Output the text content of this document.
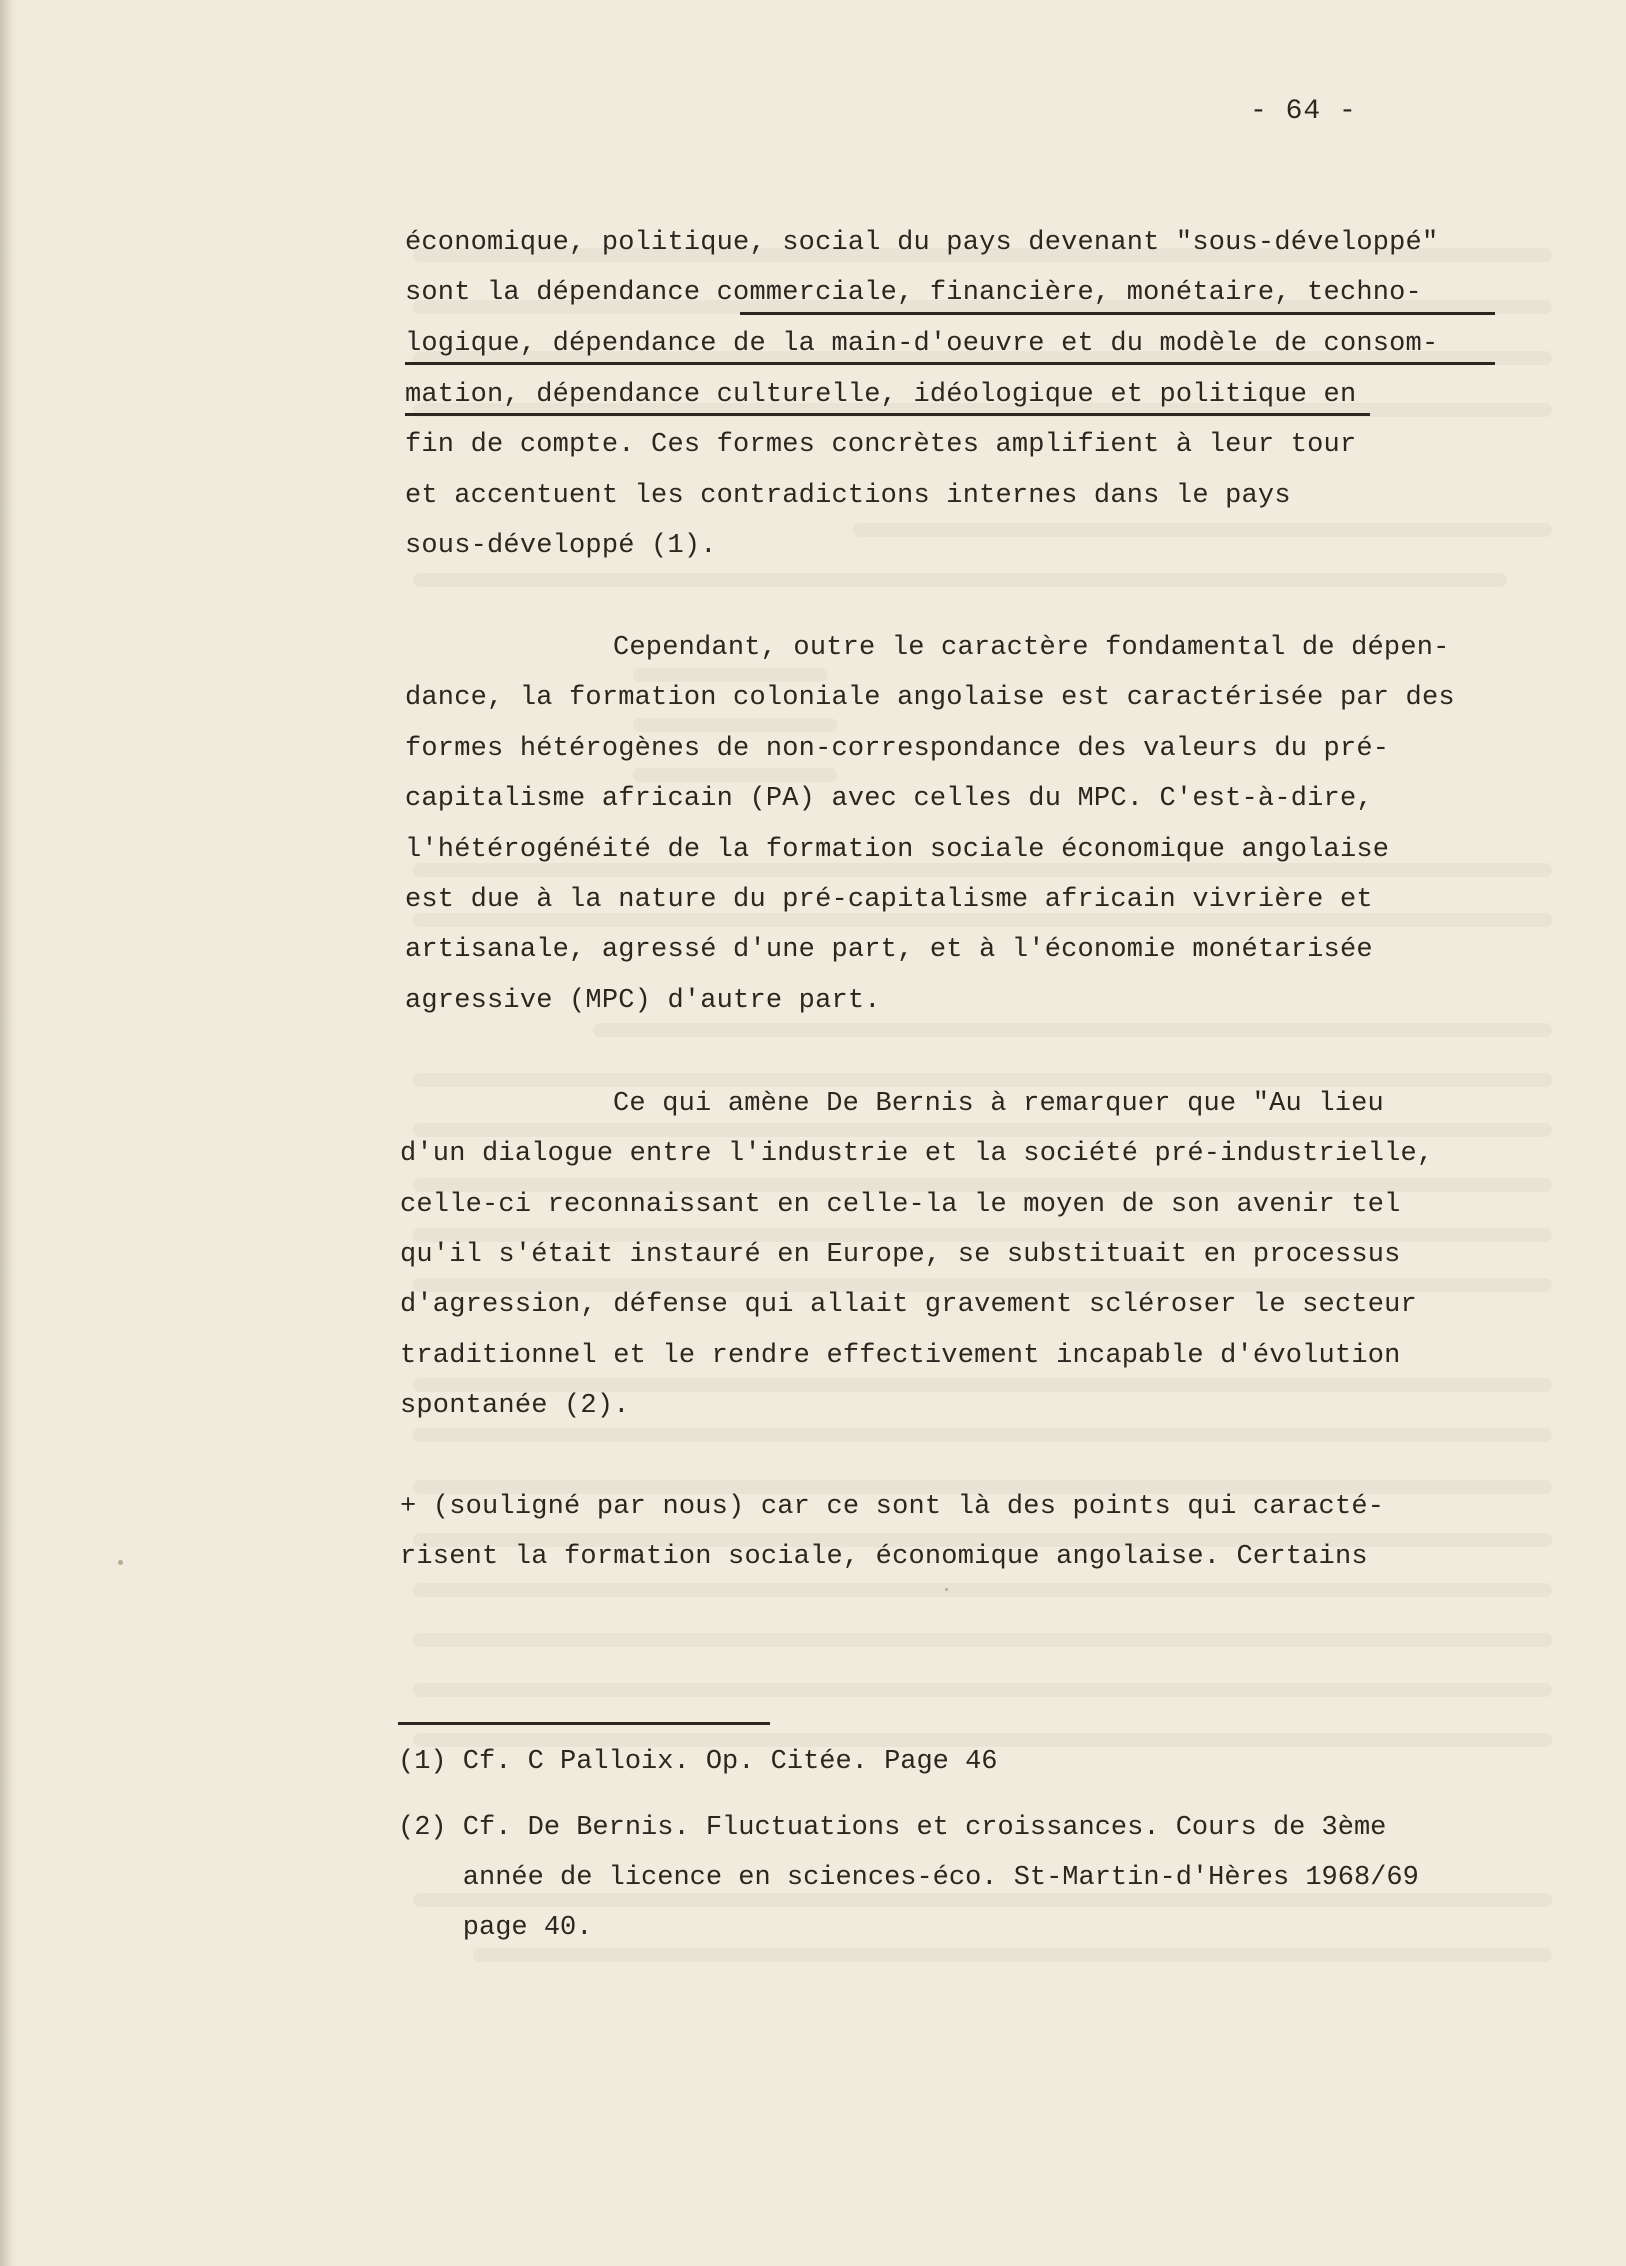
- 64 -
économique, politique, social du pays devenant "sous-développé"
sont la dépendance commerciale, financière, monétaire, techno-
logique, dépendance de la main-d'oeuvre et du modèle de consom-
mation, dépendance culturelle, idéologique et politique en
fin de compte. Ces formes concrètes amplifient à leur tour
et accentuent les contradictions internes dans le pays
sous-développé (1).
Cependant, outre le caractère fondamental de dépen-
dance, la formation coloniale angolaise est caractérisée par des
formes hétérogènes de non-correspondance des valeurs du pré-
capitalisme africain (PA) avec celles du MPC. C'est-à-dire,
l'hétérogénéité de la formation sociale économique angolaise
est due à la nature du pré-capitalisme africain vivrière et
artisanale, agressé d'une part, et à l'économie monétarisée
agressive (MPC) d'autre part.
Ce qui amène De Bernis à remarquer que "Au lieu
d'un dialogue entre l'industrie et la société pré-industrielle,
celle-ci reconnaissant en celle-la le moyen de son avenir tel
qu'il s'était instauré en Europe, se substituait en processus
d'agression, défense qui allait gravement scléroser le secteur
traditionnel et le rendre effectivement incapable d'évolution
spontanée (2).
+ (souligné par nous) car ce sont là des points qui caracté-
risent la formation sociale, économique angolaise. Certains
(1) Cf. C Palloix. Op. Citée. Page 46
(2) Cf. De Bernis. Fluctuations et croissances. Cours de 3ème
année de licence en sciences-éco. St-Martin-d'Hères 1968/69
page 40.
